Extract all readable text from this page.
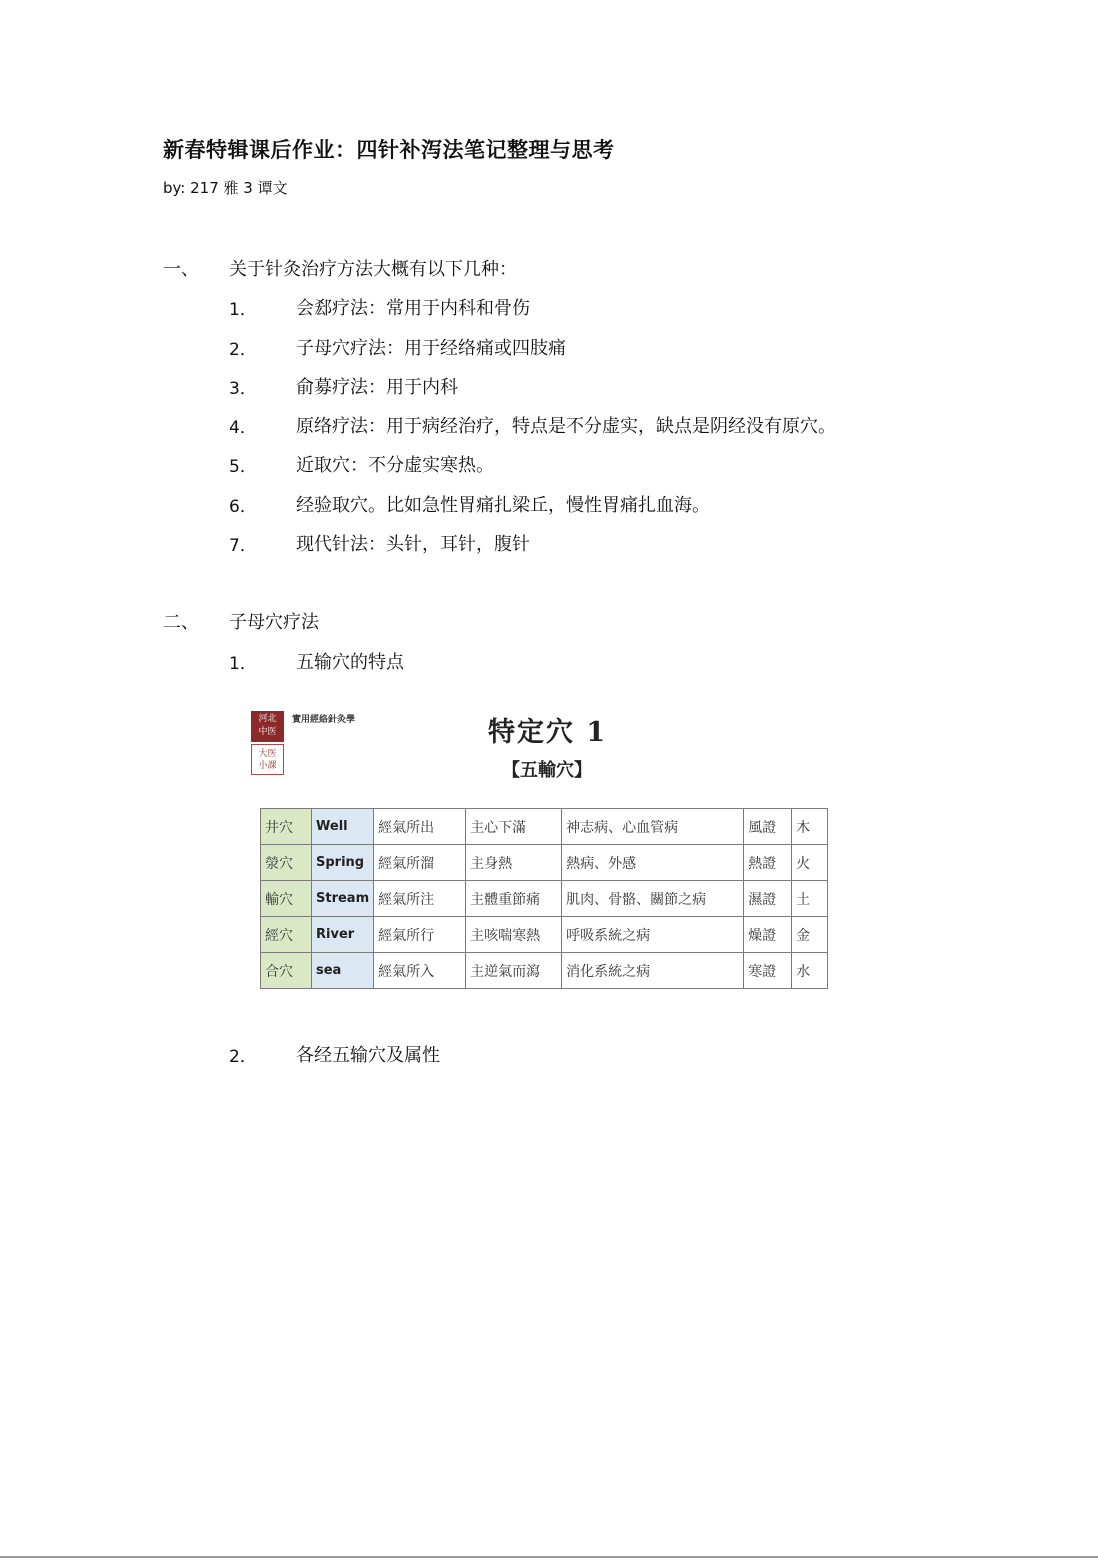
新春特辑课后作业：四针补泻法笔记整理与思考
by: 217 雅 3 谭文
一、 关于针灸治疗方法大概有以下几种：
1． 会郄疗法：常用于内科和骨伤
2． 子母穴疗法：用于经络痛或四肢痛
3． 俞募疗法：用于内科
4． 原络疗法：用于病经治疗，特点是不分虚实，缺点是阴经没有原穴。
5． 近取穴：不分虚实寒热。
6． 经验取穴。比如急性胃痛扎梁丘，慢性胃痛扎血海。
7． 现代针法：头针，耳针，腹针
二、 子母穴疗法
1． 五输穴的特点
河北
中医
大医
小課
實用經絡針灸學	特定穴 1
【五輸穴】
井穴	Well	經氣所出	主心下滿	神志病、心血管病	風證	木
滎穴	Spring	經氣所溜	主身熱	熱病、外感	熱證	火
輸穴	Stream	經氣所注	主體重節痛	肌肉、骨骼、關節之病	濕證	土
經穴	River	經氣所行	主咳喘寒熱	呼吸系統之病	燥證	金
合穴	sea	經氣所入	主逆氣而瀉	消化系統之病	寒證	水
2． 各经五输穴及属性
